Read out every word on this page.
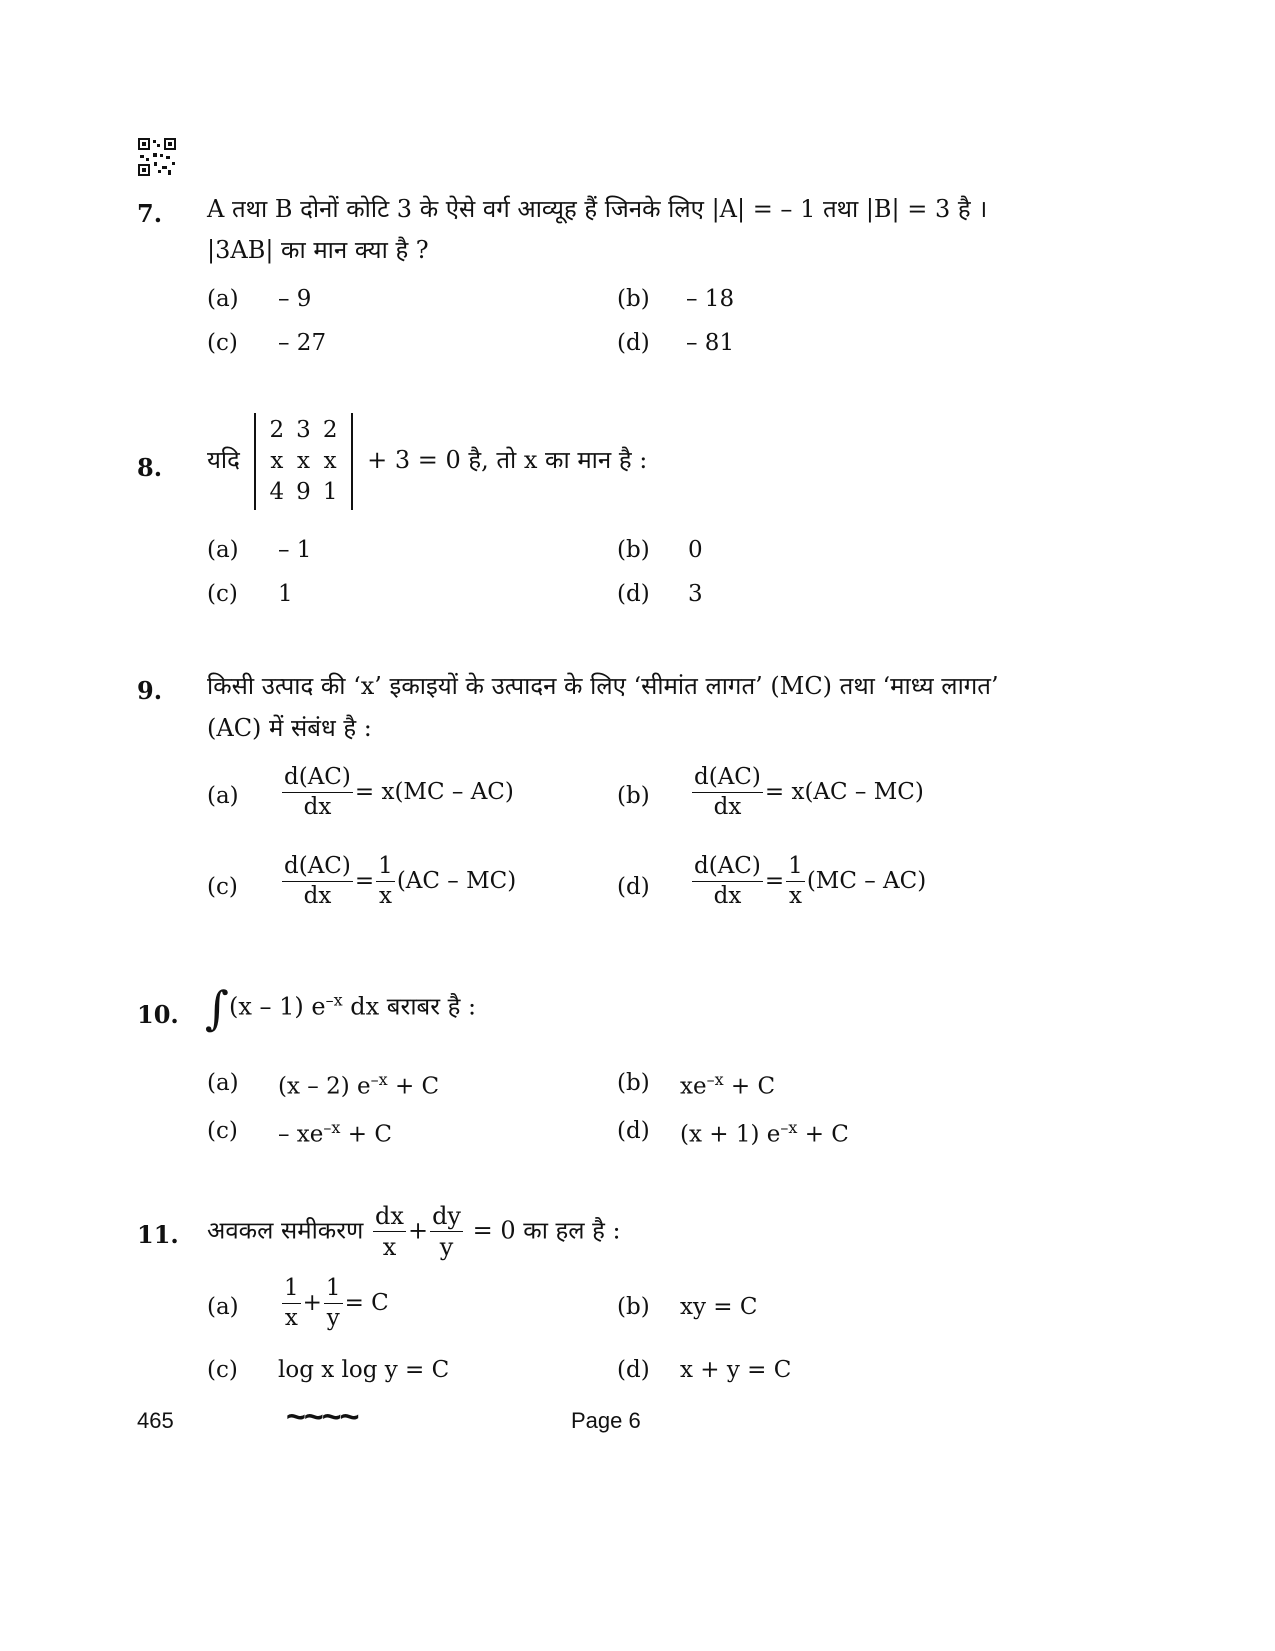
7. A तथा B दोनों कोटि 3 के ऐसे वर्ग आव्यूह हैं जिनके लिए |A| = – 1 तथा |B| = 3 है ।
|3AB| का मान क्या है ?
(a) – 9	(b) – 18
(c) – 27	(d) – 81
8. यदि
2	3	2
x	x	x
4	9	1
+ 3 = 0 है, तो x का मान है :
(a) – 1	(b) 0
(c) 1	(d) 3
9. किसी उत्पाद की ‘x’ इकाइयों के उत्पादन के लिए ‘सीमांत लागत’ (MC) तथा ‘माध्य लागत’
(AC) में संबंध है :
$(a) \frac{d(AC)}{dx} = x(MC - AC)$	$(b) \frac{d(AC)}{dx} = x(AC - MC)$
$(c) \frac{d(AC)}{dx} = \frac{1}{x} (AC - MC)$	$(d) \frac{d(AC)}{dx} = \frac{1}{x} (MC - AC)$
10. ∫(x – 1) $e^{-x}$ dx बराबर है :
(a) (x – 2) $e^{-x} + C$	(b) $xe^{-x} + C$
$(c) - xe^{-x} + C$	(d) (x + 1) $e^{-x} + C$
11. अवकल समीकरण $\frac{dx}{x} + \frac{dy}{y} = 0$ का हल है :
$(a) \frac{1}{x} + \frac{1}{y} = C$	(b) xy = C
(c) log x log y = C	(d) x + y = C
465	~~~~	Page 6
